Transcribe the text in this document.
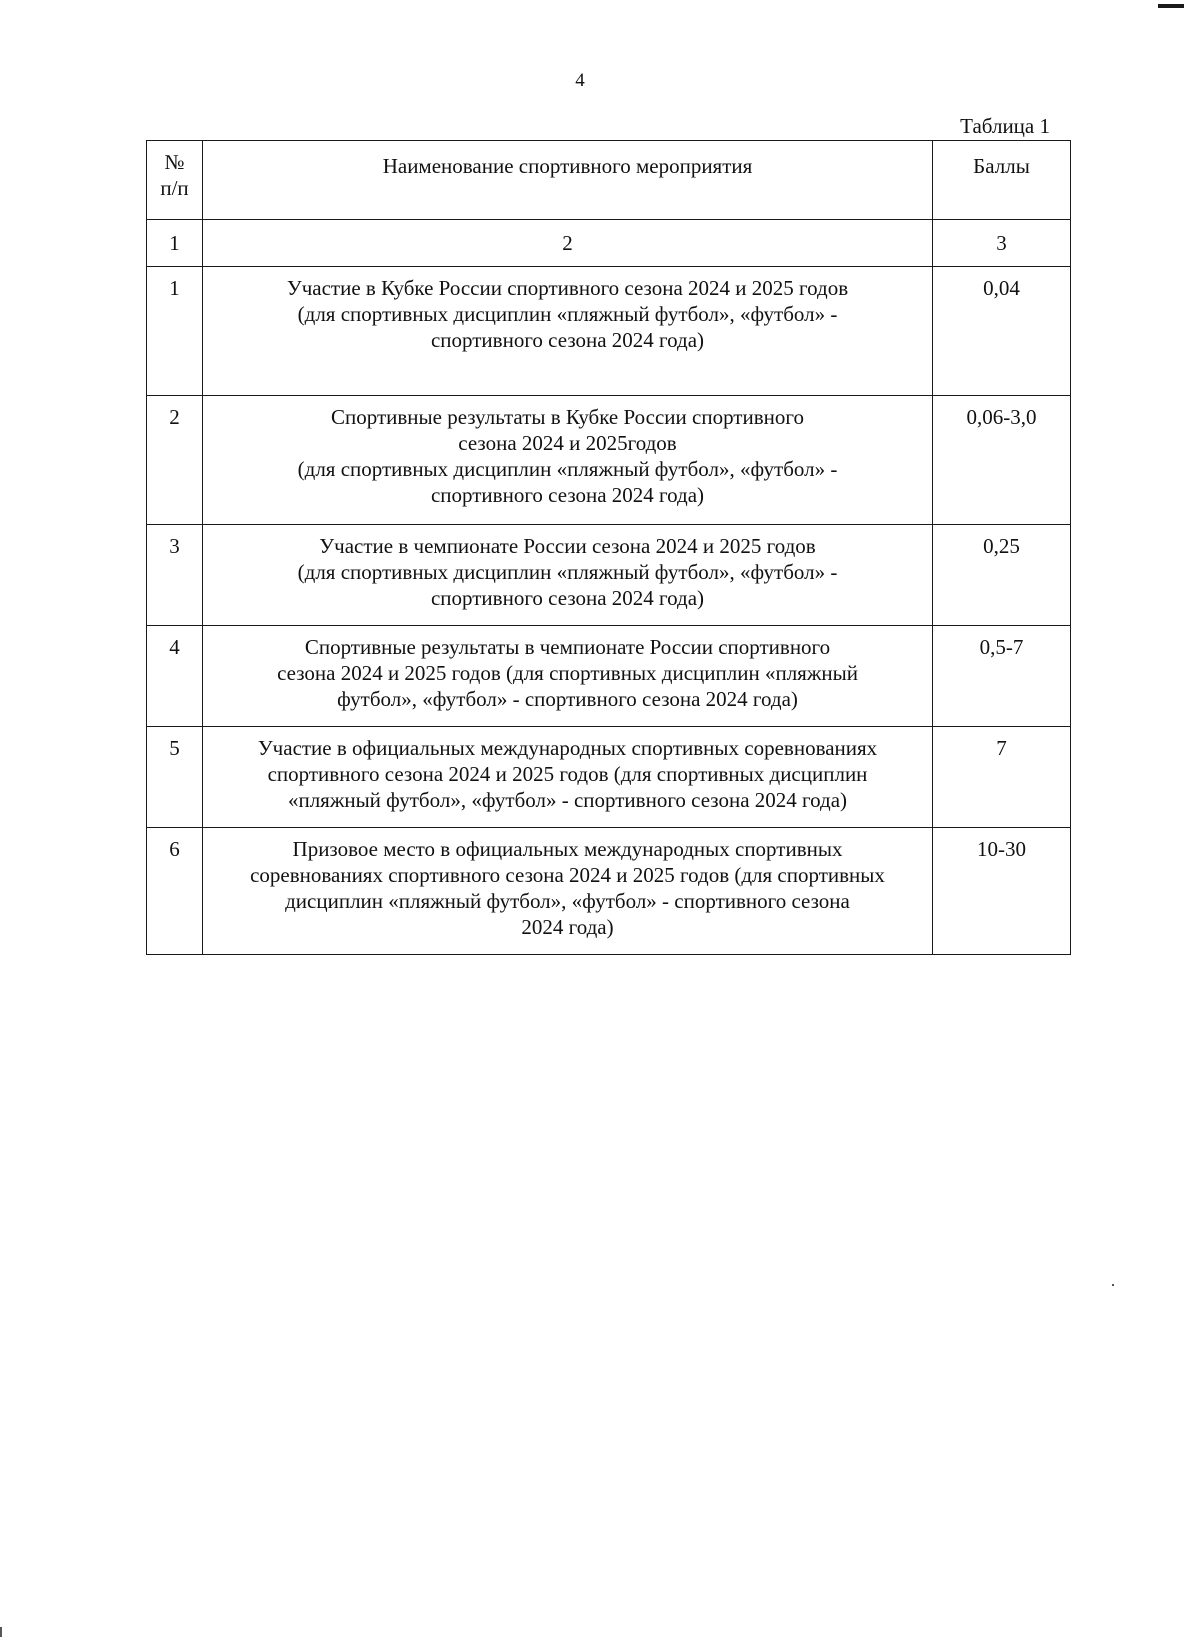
4
Таблица 1
№
п/п	Наименование спортивного мероприятия	Баллы
1	2	3
1	Участие в Кубке России спортивного сезона 2024 и 2025 годов
(для спортивных дисциплин «пляжный футбол», «футбол» -
спортивного сезона 2024 года)	0,04
2	Спортивные результаты в Кубке России спортивного
сезона 2024 и 2025годов
(для спортивных дисциплин «пляжный футбол», «футбол» -
спортивного сезона 2024 года)	0,06-3,0
3	Участие в чемпионате России сезона 2024 и 2025 годов
(для спортивных дисциплин «пляжный футбол», «футбол» -
спортивного сезона 2024 года)	0,25
4	Спортивные результаты в чемпионате России спортивного
сезона 2024 и 2025 годов (для спортивных дисциплин «пляжный
футбол», «футбол» - спортивного сезона 2024 года)	0,5-7
5	Участие в официальных международных спортивных соревнованиях
спортивного сезона 2024 и 2025 годов (для спортивных дисциплин
«пляжный футбол», «футбол» - спортивного сезона 2024 года)	7
6	Призовое место в официальных международных спортивных
соревнованиях спортивного сезона 2024 и 2025 годов (для спортивных
дисциплин «пляжный футбол», «футбол» - спортивного сезона
2024 года)	10-30
